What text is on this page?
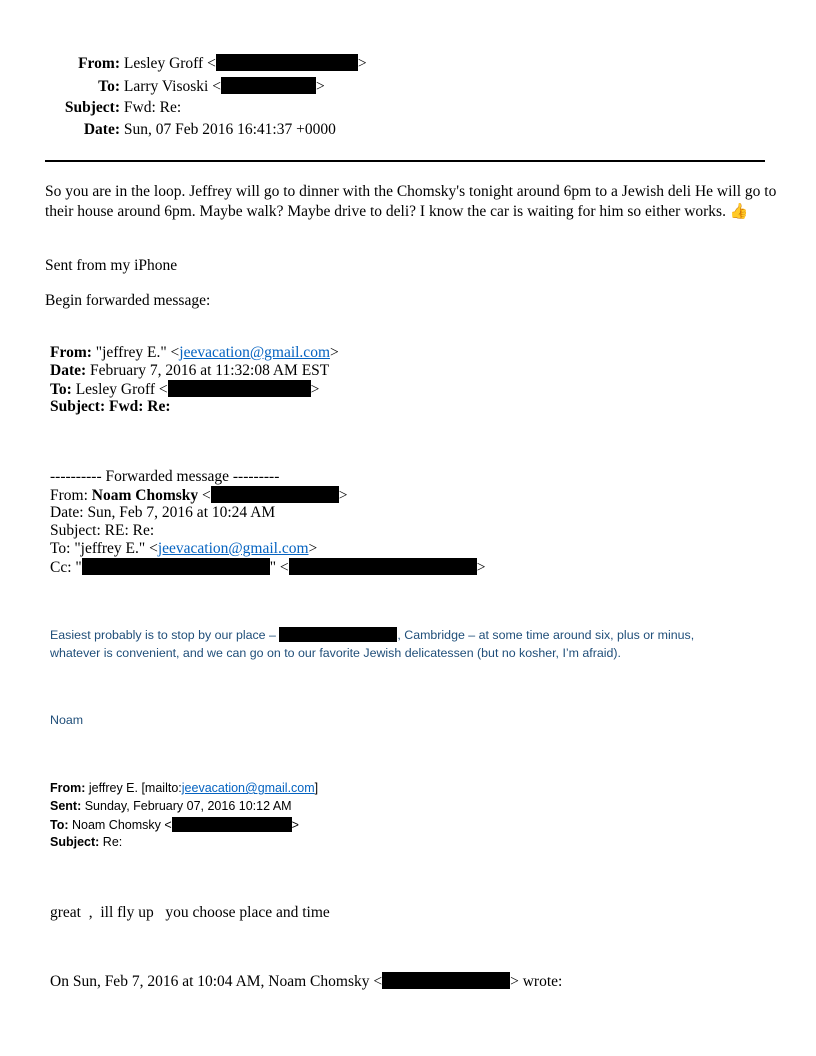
From: Lesley Groff <	>
To: Larry Visoski <	>
Subject: Fwd: Re:
Date: Sun, 07 Feb 2016 16:41:37 +0000
So you are in the loop. Jeffrey will go to dinner with the Chomsky's tonight around 6pm to a Jewish deli He will go to their house around 6pm. Maybe walk? Maybe drive to deli? I know the car is waiting for him so either works. 👍
Sent from my iPhone
Begin forwarded message:
From: "jeffrey E." <jeevacation@gmail.com>
Date: February 7, 2016 at 11:32:08 AM EST
To: Lesley Groff <	>
Subject: Fwd: Re:
---------- Forwarded message ---------
From: Noam Chomsky <	>
Date: Sun, Feb 7, 2016 at 10:24 AM
Subject: RE: Re:
To: "jeffrey E." <jeevacation@gmail.com>
Cc: "	" <	>
Easiest probably is to stop by our place –	, Cambridge – at some time around six, plus or minus,
whatever is convenient, and we can go on to our favorite Jewish delicatessen (but no kosher, I’m afraid).
Noam
From: jeffrey E. [mailto:jeevacation@gmail.com]
Sent: Sunday, February 07, 2016 10:12 AM
To: Noam Chomsky <	>
Subject: Re:
great  ,  ill fly up   you choose place and time
On Sun, Feb 7, 2016 at 10:04 AM, Noam Chomsky <	> wrote:
